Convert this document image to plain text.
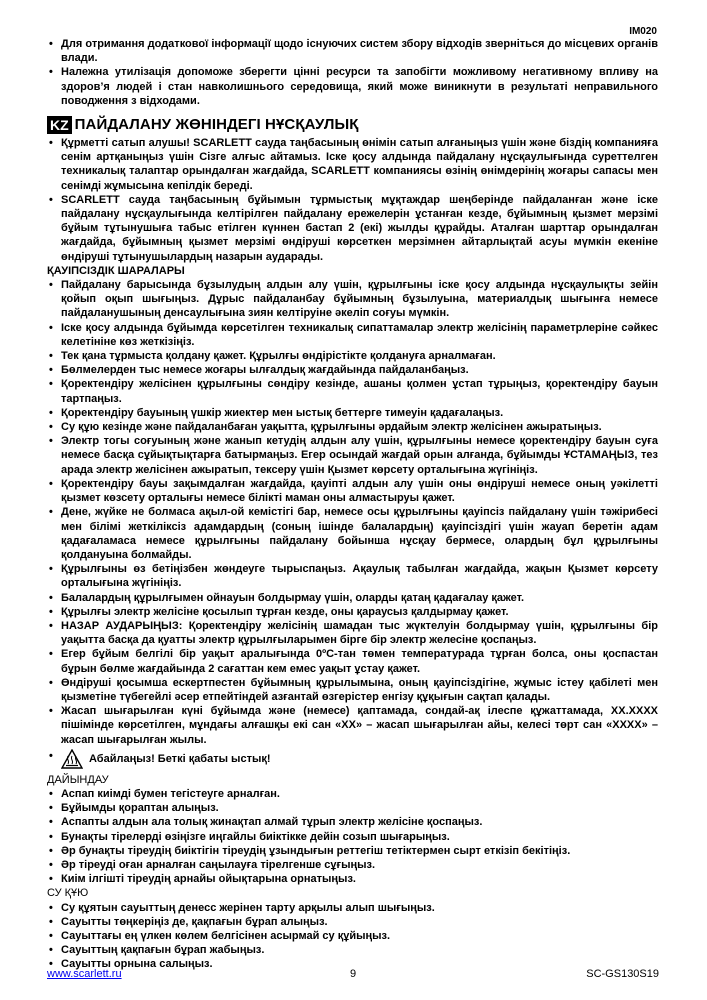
IM020
• Для отримання додаткової інформації щодо існуючих систем збору відходів зверніться до місцевих органів влади.
• Належна утилізація допоможе зберегти цінні ресурси та запобігти можливому негативному впливу на здоров’я людей і стан навколишнього середовища, який може виникнути в результаті неправильного поводження з відходами.
KZ ПАЙДАЛАНУ ЖӨНІНДЕГІ НҰСҚАУЛЫҚ
• Құрметті сатып алушы! SCARLETT сауда таңбасының өнімін сатып алғаныңыз үшін және біздің компанияға сенім артқаныңыз үшін Сізге алғыс айтамыз. Іске қосу алдында пайдалану нұсқаулығында суреттелген техникалық талаптар орындалған жағдайда, SCARLETT компаниясы өзінің өнімдерінің жоғары сапасы мен сенімді жұмысына кепілдік береді.
• SCARLETT сауда таңбасының бұйымын тұрмыстық мұқтаждар шеңберінде пайдаланған және іске пайдалану нұсқаулығында келтірілген пайдалану ережелерін ұстанған кезде, бұйымның қызмет мерзімі бұйым тұтынушыға табыс етілген күннен бастап 2 (екі) жылды құрайды. Аталған шарттар орындалған жағдайда, бұйымның қызмет мерзімі өндіруші көрсеткен мерзімнен айтарлықтай асуы мүмкін екеніне өндіруші тұтынушылардың назарын аударады.
ҚАУІПСІЗДІК ШАРАЛАРЫ
• Пайдалану барысында бұзылудың алдын алу үшін, құрылғыны іске қосу алдында нұсқаулықты зейін қойып оқып шығыңыз. Дұрыс пайдаланбау бұйымның бұзылуына, материалдық шығынға немесе пайдаланушының денсаулығына зиян келтіруіне әкеліп соғуы мүмкін.
• Іске қосу алдында бұйымда көрсетілген техникалық сипаттамалар электр желісінің параметрлеріне сәйкес келетініне көз жеткізіңіз.
• Тек қана тұрмыста қолдану қажет. Құрылғы өндірістікте қолдануға арналмаған.
• Бөлмелерден тыс немесе жоғары ылғалдық жағдайында пайдаланбаңыз.
• Қоректендіру желісінен құрылғыны сөндіру кезінде, ашаны қолмен ұстап тұрыңыз, қоректендіру бауын тартпаңыз.
• Қоректендіру бауының үшкір жиектер мен ыстық беттерге тимеуін қадағалаңыз.
• Су құю кезінде және пайдаланбаған уақытта, құрылғыны әрдайым электр желісінен ажыратыңыз.
• Электр тогы соғуының және жанып кетудің алдын алу үшін, құрылғыны немесе қоректендіру бауын суға немесе басқа сұйықтықтарға батырмаңыз. Егер осындай жағдай орын алғанда, бұйымды ҰСТАМАҢЫЗ, тез арада электр желісінен ажыратып, тексеру үшін Қызмет көрсету орталығына жүгініңіз.
• Қоректендіру бауы зақымдалған жағдайда, қауіпті алдын алу үшін оны өндіруші немесе оның уәкілетті қызмет көзсету орталығы немесе білікті маман оны алмастыруы қажет.
• Дене, жүйке не болмаса ақыл-ой кемістігі бар, немесе осы құрылғыны қауіпсіз пайдалану үшін тәжірибесі мен білімі жеткіліксіз адамдардың (соның ішінде балалардың) қауіпсіздігі үшін жауап беретін адам қадағаламаса немесе құрылғыны пайдалану бойынша нұсқау бермесе, олардың бұл құрылғыны қолдануына болмайды.
• Құрылғыны өз бетіңізбен жөндеуге тырыспаңыз. Ақаулық табылған жағдайда, жақын Қызмет көрсету орталығына жүгініңіз.
• Балалардың құрылғымен ойнауын болдырмау үшін, оларды қатаң қадағалау қажет.
• Құрылғы электр желісіне қосылып тұрған кезде, оны қараусыз қалдырмау қажет.
• НАЗАР АУДАРЫҢЫЗ: Қоректендіру желісінің шамадан тыс жүктелуін болдырмау үшін, құрылғыны бір уақытта басқа да қуатты электр құрылғыларымен бірге бір электр желесіне қоспаңыз.
• Егер бұйым белгілі бір уақыт аралығында 0ºC-тан төмен температурада тұрған болса, оны қоспастан бұрын бөлме жағдайында 2 сағаттан кем емес уақыт ұстау қажет.
• Өндіруші қосымша ескертпестен бұйымның құрылымына, оның қауіпсіздігіне, жұмыс істеу қабілеті мен қызметіне түбегейлі әсер етпейтіндей азғантай өзгерістер енгізу құқығын сақтап қалады.
• Жасап шығарылған күні бұйымда және (немесе) қаптамада, сондай-ақ ілеспе құжаттамада, XX.XXXX пішімінде көрсетілген, мұндағы алғашқы екі сан «XX» – жасап шығарылған айы, келесі төрт сан «XXXX» – жасап шығарылған жылы.
• Абайлаңыз! Беткі қабаты ыстық!
ДАЙЫНДАУ
• Аспап киімді бумен тегістеуге арналған.
• Бұйымды қораптан алыңыз.
• Аспапты алдын ала толық жинақтап алмай тұрып электр желісіне қоспаңыз.
• Бунақты тірелерді өзіңізге иңгайлы биіктікке дейін созып шығарыңыз.
• Әр бунақты тіреудің биіктігін тіреудің ұзындығын реттегіш тетіктермен сырт еткізіп бекітіңіз.
• Әр тіреуді оған арналған саңылауға тірелгенше сұғыңыз.
• Киім ілгішті тіреудің арнайы ойықтарына орнатыңыз.
СУ ҚҰЮ
• Су құятын сауыттың денесс жерінен тарту арқылы алып шығыңыз.
• Сауытты төңкеріңіз де, қақпағын бұрап алыңыз.
• Сауыттағы ең үлкен көлем белгісінен асырмай су құйыңыз.
• Сауыттың қақпағын бұрап жабыңыз.
• Сауытты орнына салыңыз.
www.scarlett.ru	9	SC-GS130S19
